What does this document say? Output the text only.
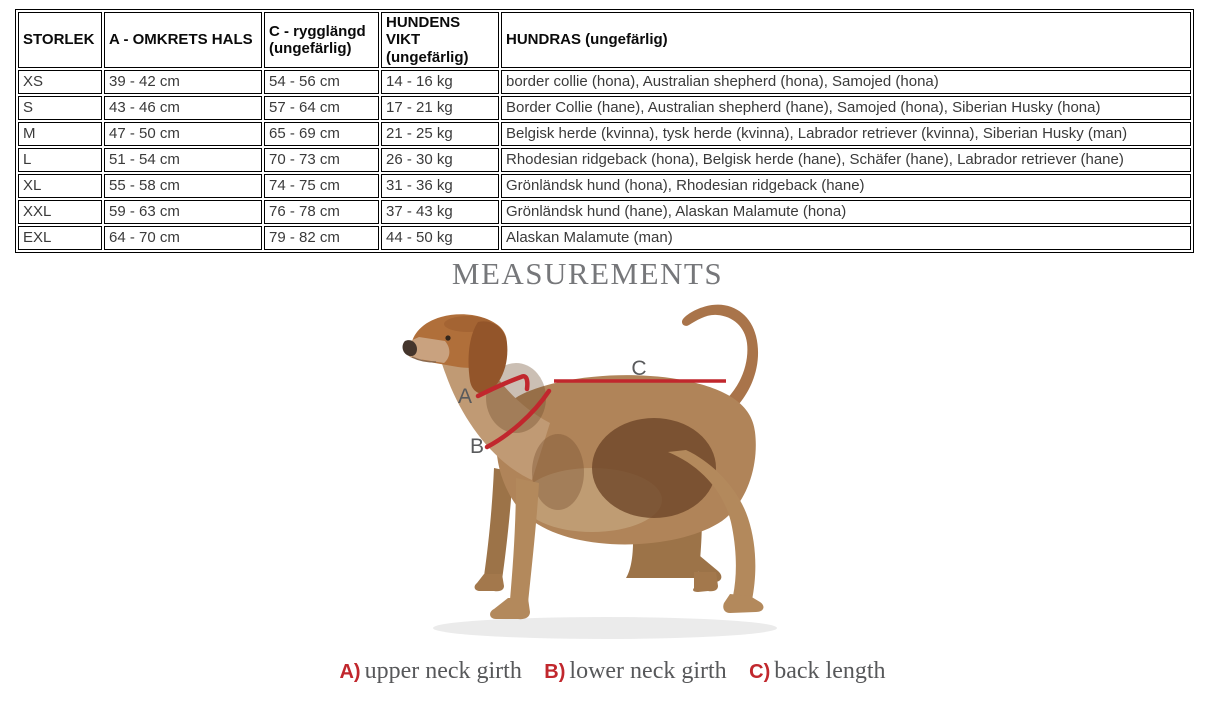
STORLEK	A - OMKRETS HALS	C - rygglängd (ungefärlig)	HUNDENS VIKT (ungefärlig)	HUNDRAS (ungefärlig)
XS	39 - 42 cm	54 - 56 cm	14 - 16 kg	border collie (hona), Australian shepherd (hona), Samojed (hona)
S	43 - 46 cm	57 - 64 cm	17 - 21 kg	Border Collie (hane), Australian shepherd (hane), Samojed (hona), Siberian Husky (hona)
M	47 - 50 cm	65 - 69 cm	21 - 25 kg	Belgisk herde (kvinna), tysk herde (kvinna), Labrador retriever (kvinna), Siberian Husky (man)
L	51 - 54 cm	70 - 73 cm	26 - 30 kg	Rhodesian ridgeback (hona), Belgisk herde (hane), Schäfer (hane), Labrador retriever (hane)
XL	55 - 58 cm	74 - 75 cm	31 - 36 kg	Grönländsk hund (hona), Rhodesian ridgeback (hane)
XXL	59 - 63 cm	76 - 78 cm	37 - 43 kg	Grönländsk hund (hane), Alaskan Malamute (hona)
EXL	64 - 70 cm	79 - 82 cm	44 - 50 kg	Alaskan Malamute (man)
MEASUREMENTS
A
B
C
A) upper neck girth B) lower neck girth C) back length
